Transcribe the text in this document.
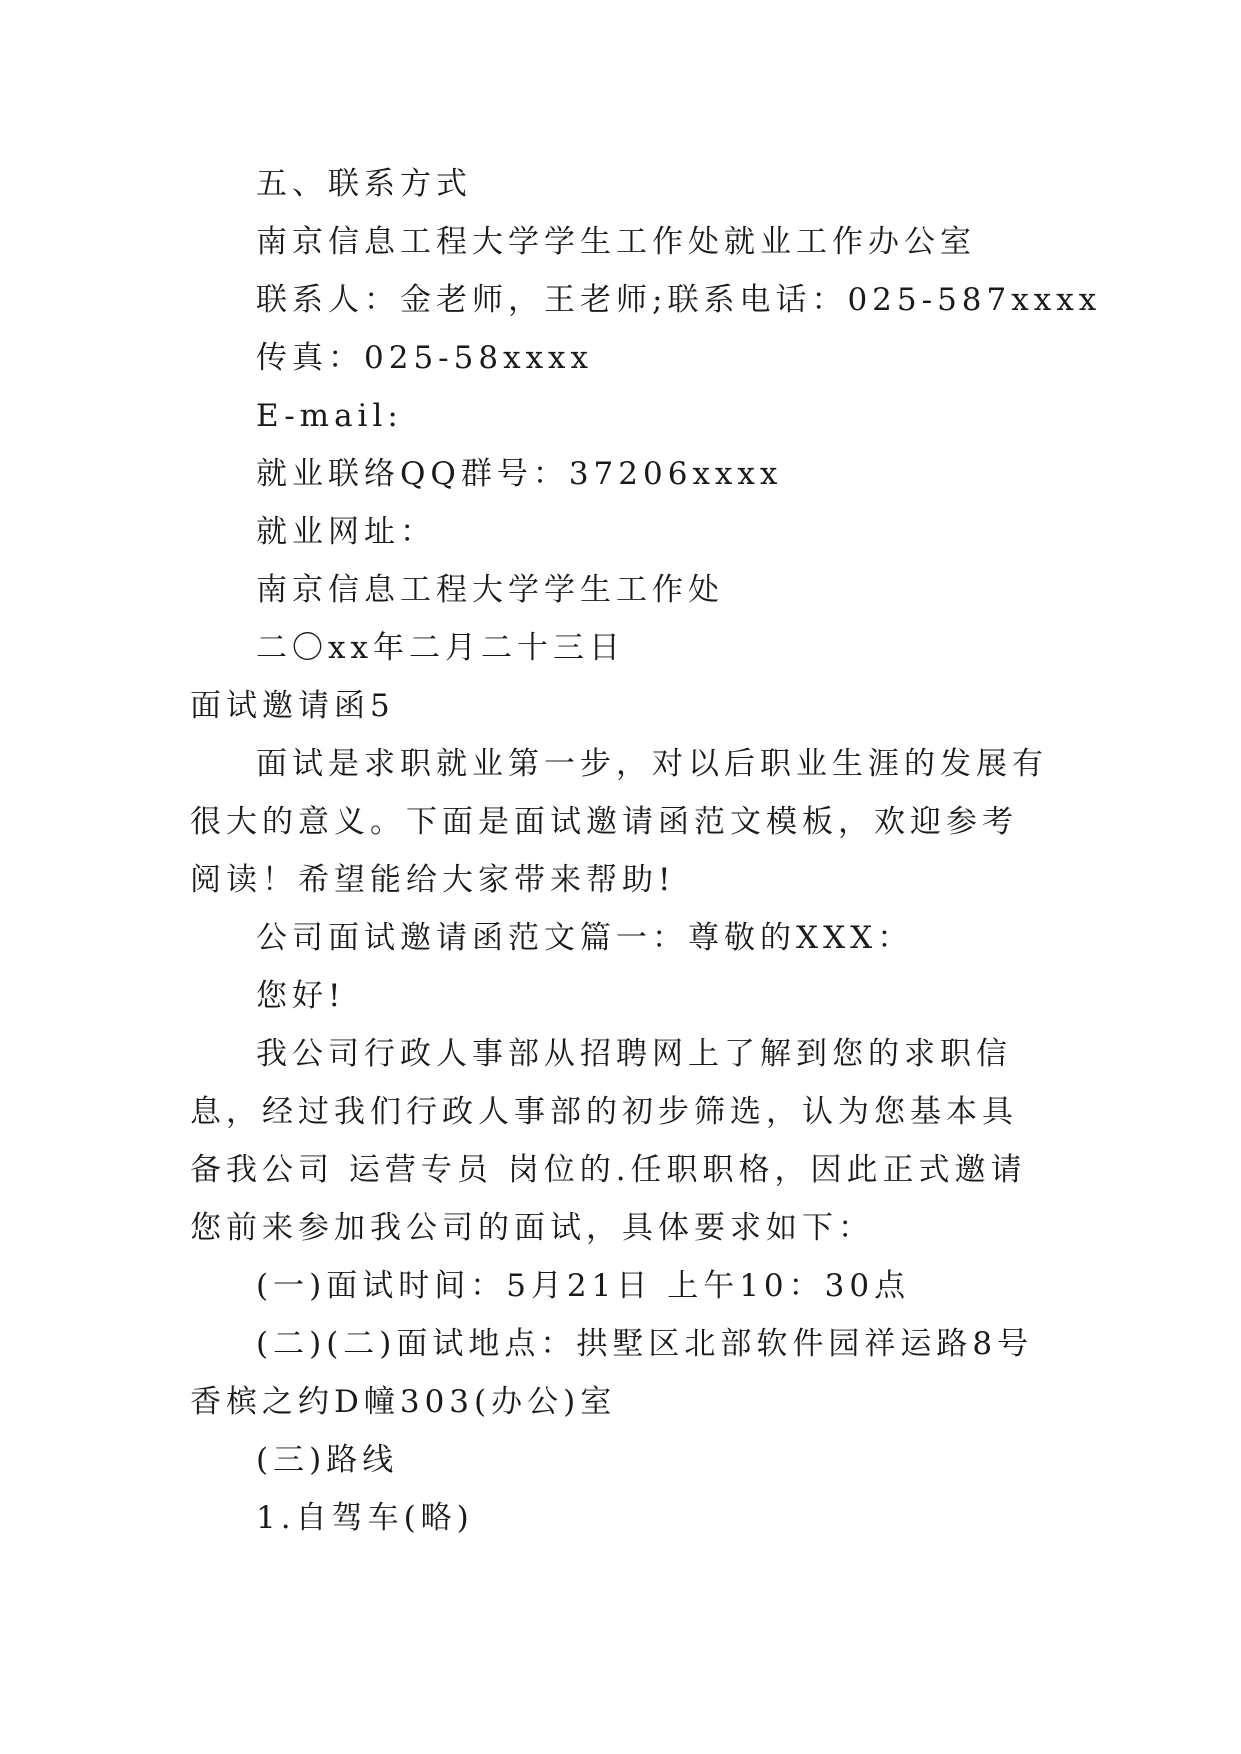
五、联系方式
南京信息工程大学学生工作处就业工作办公室
联系人：金老师，王老师;联系电话：025-587xxxx
传真：025-58xxxx
E-mail:
就业联络QQ群号：37206xxxx
就业网址：
南京信息工程大学学生工作处
二〇xx年二月二十三日
面试邀请函5
面试是求职就业第一步，对以后职业生涯的发展有很大的意义。下面是面试邀请函范文模板，欢迎参考阅读！希望能给大家带来帮助!
公司面试邀请函范文篇一：尊敬的XXX：
您好!
我公司行政人事部从招聘网上了解到您的求职信息，经过我们行政人事部的初步筛选，认为您基本具备我公司 运营专员 岗位的.任职职格，因此正式邀请您前来参加我公司的面试，具体要求如下：
(一)面试时间：5月21日 上午10：30点
(二)(二)面试地点：拱墅区北部软件园祥运路8号香槟之约D幢303(办公)室
(三)路线
1.自驾车(略)
